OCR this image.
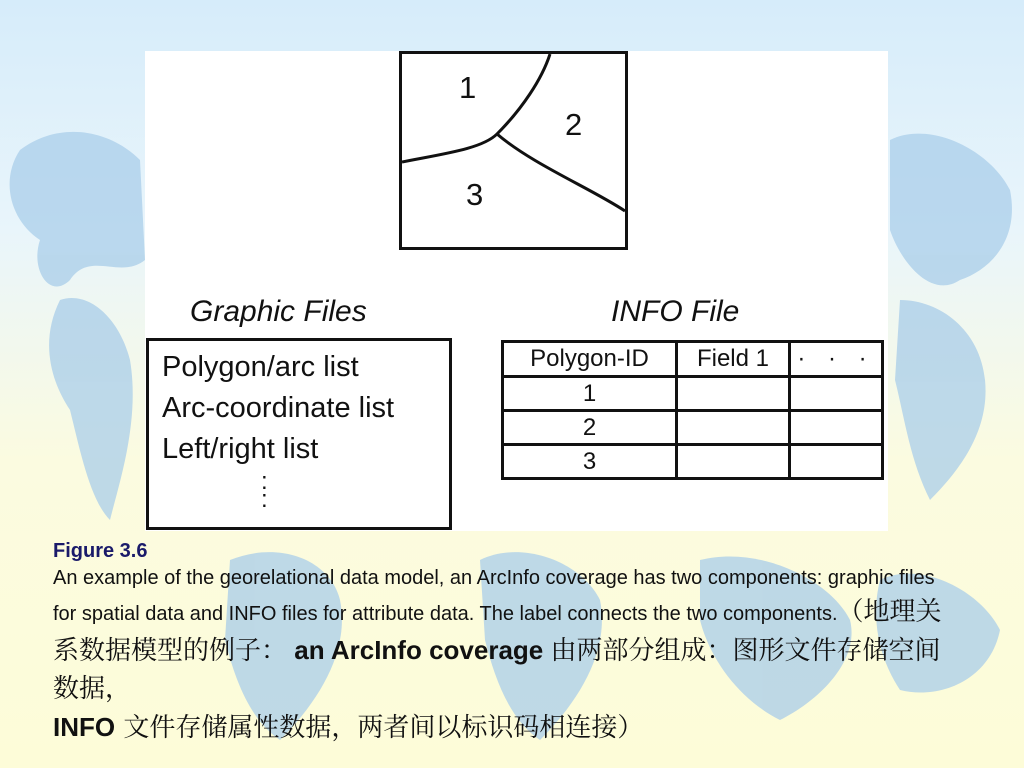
1
2
3
Graphic Files	INFO File
Polygon/arc list
Arc-coordinate list
Left/right list
:
:
Polygon-ID	Field 1	· · ·
1		
2		
3		
Figure 3.6
An example of the georelational data model, an ArcInfo coverage has two components: graphic files for spatial data and INFO files for attribute data. The label connects the two components.（地理关系数据模型的例子： an ArcInfo coverage 由两部分组成：图形文件存储空间数据，
INFO 文件存储属性数据，两者间以标识码相连接）
